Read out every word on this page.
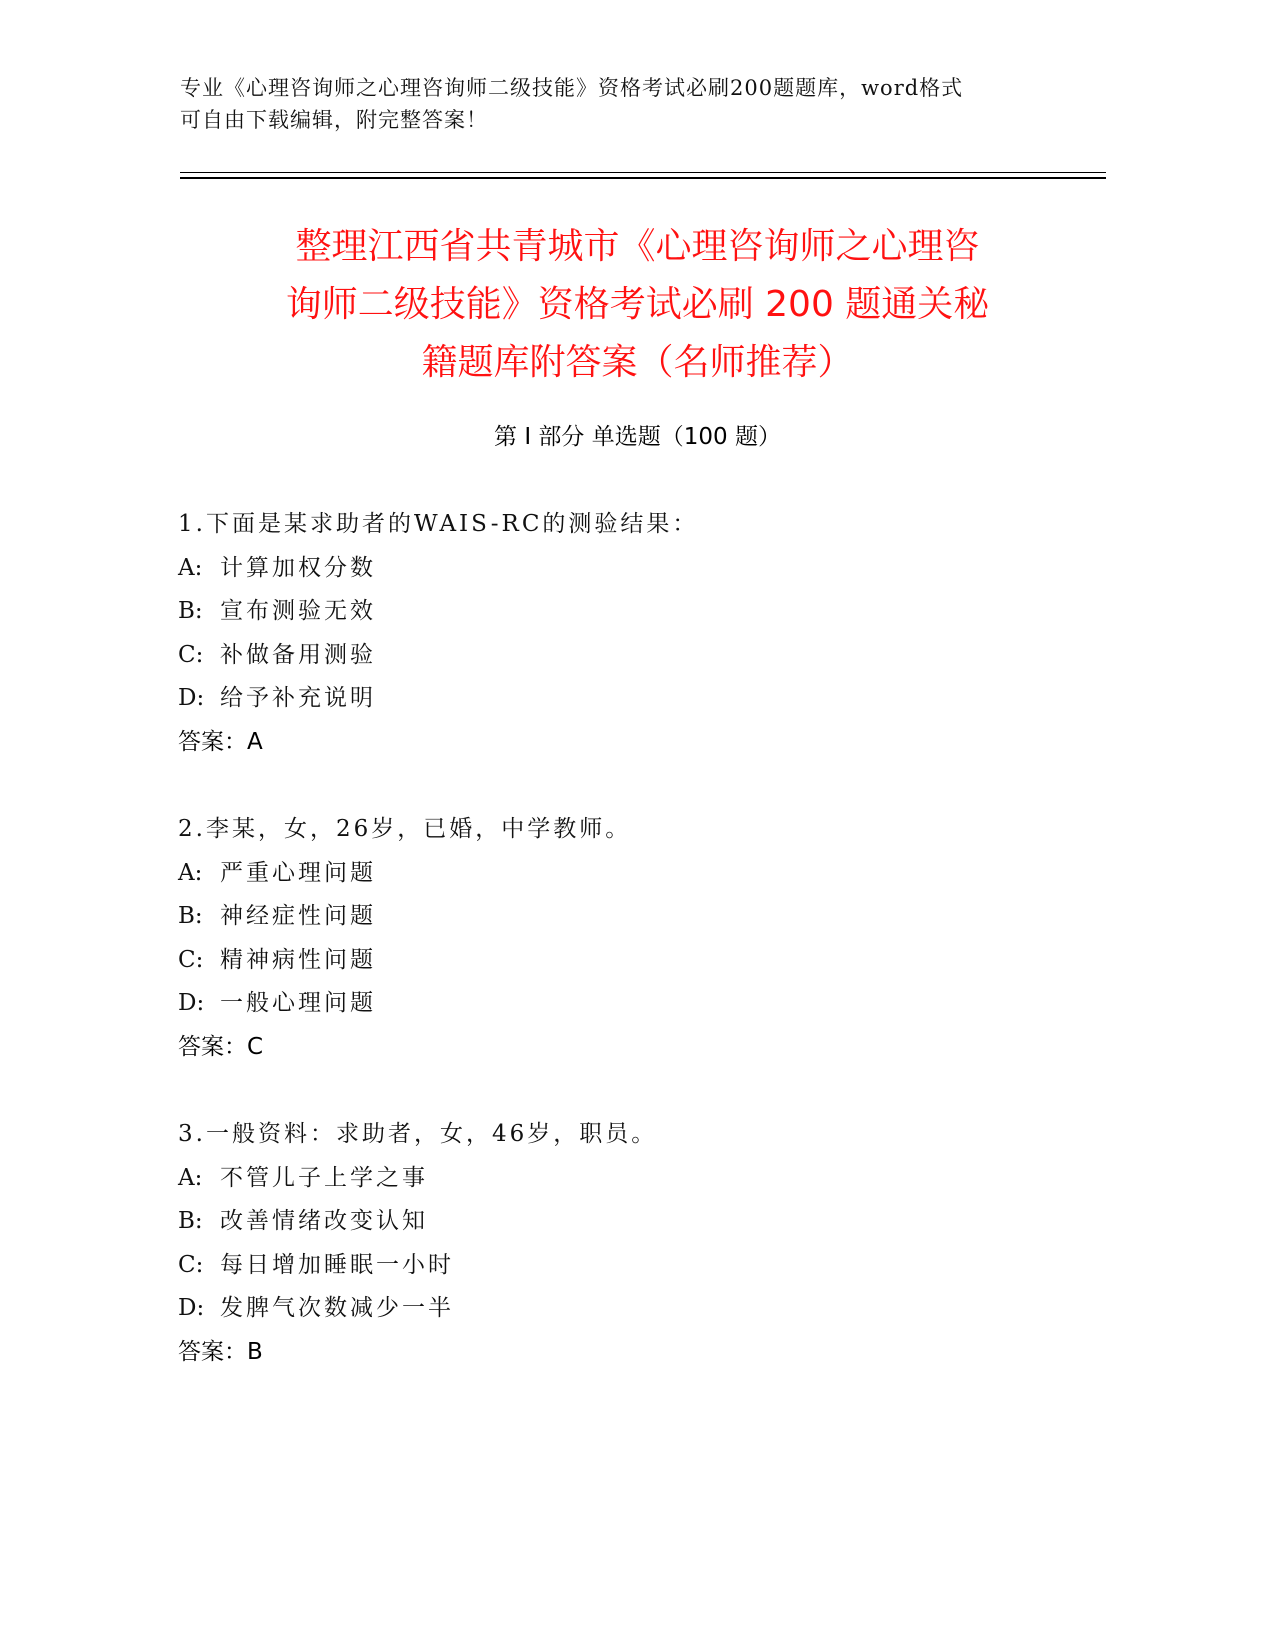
专业《心理咨询师之心理咨询师二级技能》资格考试必刷200题题库，word格式
可自由下载编辑，附完整答案！
整理江西省共青城市《心理咨询师之心理咨
询师二级技能》资格考试必刷 200 题通关秘
籍题库附答案（名师推荐）
第 I 部分 单选题（100 题）
1.下面是某求助者的WAIS-RC的测验结果：
A: 计算加权分数
B: 宣布测验无效
C: 补做备用测验
D: 给予补充说明
答案：A
2.李某，女，26岁，已婚，中学教师。
A: 严重心理问题
B: 神经症性问题
C: 精神病性问题
D: 一般心理问题
答案：C
3.一般资料：求助者，女，46岁，职员。
A: 不管儿子上学之事
B: 改善情绪改变认知
C: 每日增加睡眠一小时
D: 发脾气次数减少一半
答案：B
